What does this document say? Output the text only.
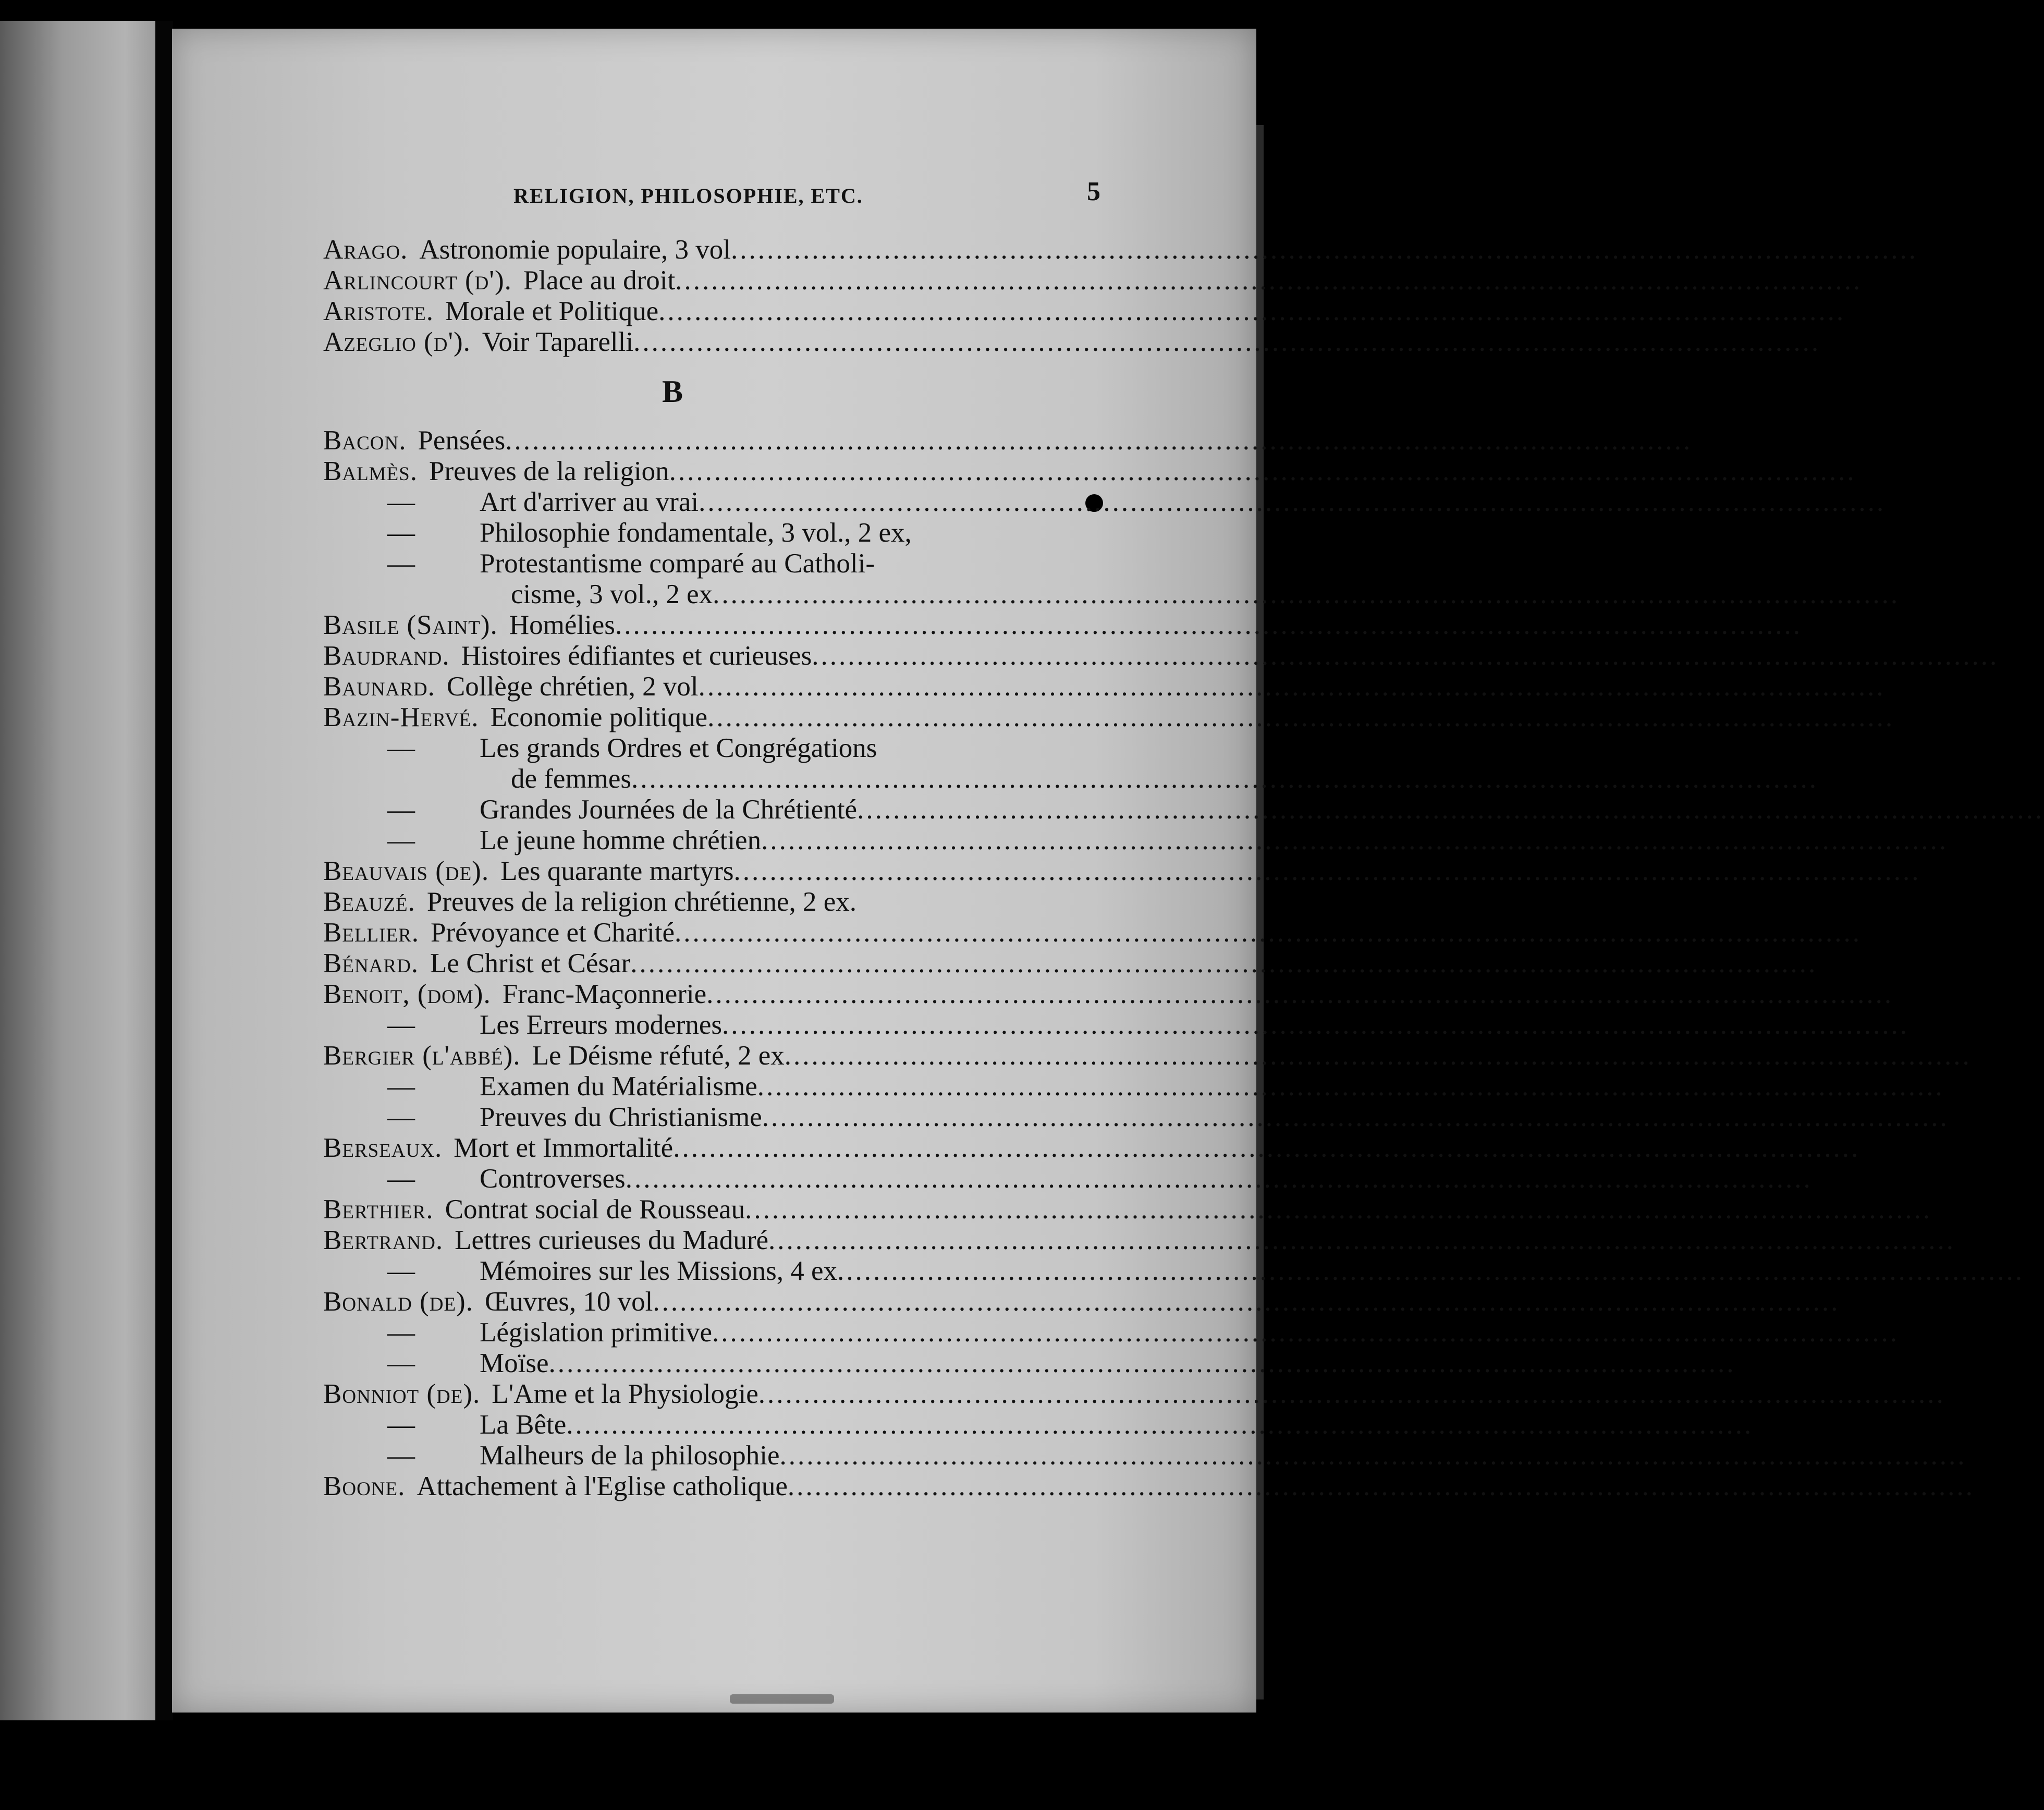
RELIGION, PHILOSOPHIE, ETC.	5
Arago. Astronomie populaire, 3 vol
.....
Arlincourt (d'). Place au droit
.....
Aristote. Morale et Politique
.....
Azeglio (d'). Voir Taparelli
.....
B
Bacon. Pensées
.....
Balmès. Preuves de la religion
.....
—	Art d'arriver au vrai
.....
—	Philosophie fondamentale, 3 vol., 2 ex,
—	Protestantisme comparé au Catholi-
cisme, 3 vol., 2 ex
.....
Basile (Saint). Homélies
.....
Baudrand. Histoires édifiantes et curieuses
.....
Baunard. Collège chrétien, 2 vol
.....
Bazin-Hervé. Economie politique
.....
—	Les grands Ordres et Congrégations
de femmes
.....
—	Grandes Journées de la Chrétienté
.....
—	Le jeune homme chrétien
.....
Beauvais (de). Les quarante martyrs
.....
Beauzé. Preuves de la religion chrétienne, 2 ex.
Bellier. Prévoyance et Charité
.....
Bénard. Le Christ et César
.....
Benoit, (dom). Franc-Maçonnerie
.....
—	Les Erreurs modernes
.....
Bergier (l'abbé). Le Déisme réfuté, 2 ex
.....
—	Examen du Matérialisme
.....
—	Preuves du Christianisme
.....
Berseaux. Mort et Immortalité
.....
—	Controverses
.....
Berthier. Contrat social de Rousseau
.....
Bertrand. Lettres curieuses du Maduré
.....
—	Mémoires sur les Missions, 4 ex
.....
Bonald (de). Œuvres, 10 vol
.....
—	Législation primitive
.....
—	Moïse
.....
Bonniot (de). L'Ame et la Physiologie
.....
—	La Bête
.....
—	Malheurs de la philosophie
.....
Boone. Attachement à l'Eglise catholique
.....
